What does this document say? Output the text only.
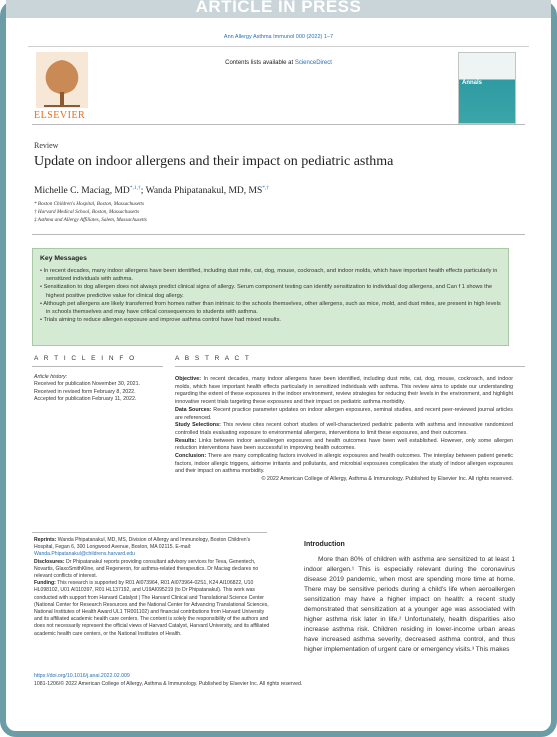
ARTICLE IN PRESS
Ann Allergy Asthma Immunol 000 (2022) 1–7
ELSEVIER
Contents lists available at ScienceDirect
Annals
Review
Update on indoor allergens and their impact on pediatric asthma
Michelle C. Maciag, $MD^{*,1,\dagger}$; Wanda Phipatanakul, MD, MS*,†
* Boston Children's Hospital, Boston, Massachusetts
† Harvard Medical School, Boston, Massachusetts
‡ Asthma and Allergy Affiliates, Salem, Massachusetts
Key Messages
• In recent decades, many indoor allergens have been identified, including dust mite, cat, dog, mouse, cockroach, and indoor molds, which have important health effects particularly in sensitized individuals with asthma.
• Sensitization to dog allergen does not always predict clinical signs of allergy. Serum component testing can identify sensitization to individual dog allergens, and Can f 1 shows the highest positive predictive value for clinical dog allergy.
• Although pet allergens are likely transferred from homes rather than intrinsic to the schools themselves, other allergens, such as mice, mold, and dust mites, are present in high levels in schools themselves and may have critical consequences to students with asthma.
• Trials aiming to reduce allergen exposure and improve asthma control have had mixed results.
A R T I C L E I N F O	A B S T R A C T
Article history:
Received for publication November 30, 2021.
Received in revised form February 8, 2022.
Accepted for publication February 11, 2022.
Objective: In recent decades, many indoor allergens have been identified, including dust mite, cat, dog, mouse, cockroach, and indoor molds, which have important health effects particularly in sensitized individuals with asthma. This review aims to update our understanding regarding the extent of these exposures in the indoor environment, review strategies for reducing their levels in the environment, and highlight innovative recent trials targeting these exposures and their impact on pediatric asthma morbidity.
Data Sources: Recent practice parameter updates on indoor allergen exposures, seminal studies, and recent peer-reviewed journal articles are referenced.
Study Selections: This review cites recent cohort studies of well-characterized pediatric patients with asthma and innovative randomized controlled trials evaluating exposure to environmental allergens, interventions to limit these exposures, and their outcomes.
Results: Links between indoor aeroallergen exposures and health outcomes have been well established. However, only some allergen reduction interventions have been successful in improving health outcomes.
Conclusion: There are many complicating factors involved in allergic exposures and health outcomes. The interplay between patient genetic factors, indoor allergic triggers, airborne irritants and pollutants, and microbial exposures complicates the study of indoor allergen exposures and their impact on asthma morbidity.
© 2022 American College of Allergy, Asthma & Immunology. Published by Elsevier Inc. All rights reserved.
Reprints: Wanda Phipatanakul, MD, MS, Division of Allergy and Immunology, Boston Children's Hospital, Fegan 6, 300 Longwood Avenue, Boston, MA 02115. E-mail: Wanda.Phipatanakul@childrens.harvard.edu
Disclosures: Dr Phipatanakul reports providing consultant advisory services for Teva, Genentech, Novartis, GlaxoSmithKline, and Regeneron, for asthma-related therapeutics. Dr Maciag declares no relevant conflicts of interest.
Funding: This research is supported by R01 AI073964, R01 AI073964-02S1, K24 AI106822, U10 HL098102, U01 AI110397, R01 HL137192, and U19AI095219 (to Dr Phipatanakul). This work was conducted with support from Harvard Catalyst | The Harvard Clinical and Translational Science Center (National Center for Research Resources and the National Center for Advancing Translational Sciences, National Institutes of Health Award UL1 TR001102) and financial contributions from Harvard University and its affiliated academic health care centers. The content is solely the responsibility of the authors and does not necessarily represent the official views of Harvard Catalyst, Harvard University, and its affiliated academic health care centers, or the National Institutes of Health.
Introduction
More than 80% of children with asthma are sensitized to at least 1 indoor allergen.¹ This is especially relevant during the coronavirus disease 2019 pandemic, when most are spending more time at home. There may be sensitive periods during a child's life when aeroallergen sensitization may have a higher impact on health: a recent study demonstrated that sensitization at a younger age was associated with higher asthma risk later in life.² Unfortunately, health disparities also increase asthma risk. Children residing in lower-income urban areas have increased asthma severity, decreased asthma control, and thus higher implementation of urgent care or emergency visits.³ This makes
https://doi.org/10.1016/j.anai.2022.02.009
1081-1206/© 2022 American College of Allergy, Asthma & Immunology. Published by Elsevier Inc. All rights reserved.
